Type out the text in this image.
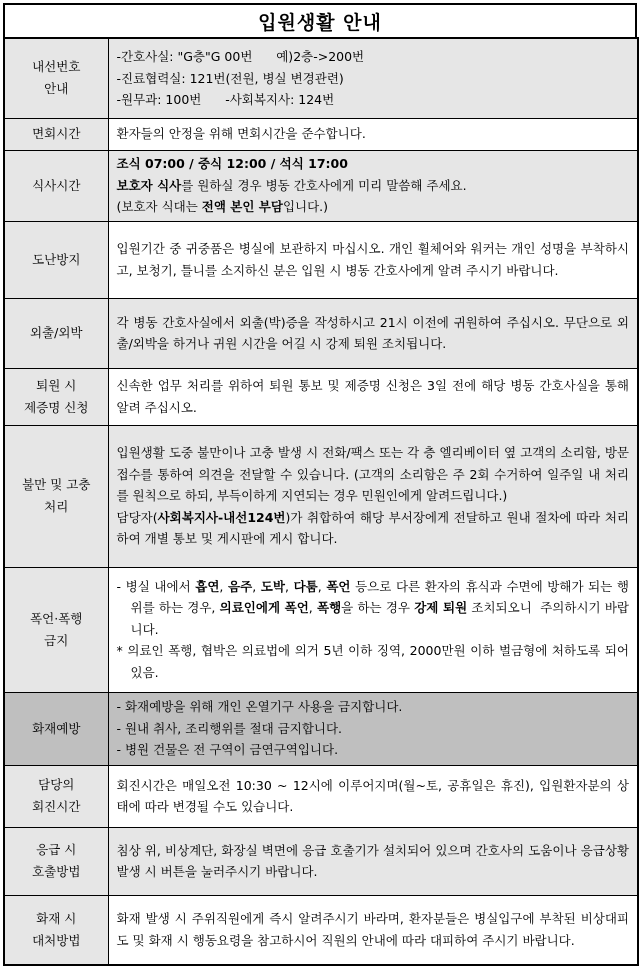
입원생활 안내
내선번호
안내	-간호사실: "G층"G 00번      예)2층->200번
-진료협력실: 121번(전원, 병실 변경관련)
-원무과: 100번      -사회복지사: 124번

면회시간	환자들의 안정을 위해 면회시간을 준수합니다.

식사시간	조식 07:00 / 중식 12:00 / 석식 17:00
보호자 식사를 원하실 경우 병동 간호사에게 미리 말씀해 주세요.
(보호자 식대는 전액 본인 부담입니다.)

도난방지	입원기간 중 귀중품은 병실에 보관하지 마십시오. 개인 휠체어와 워커는 개인 성명을 부착하시고, 보청기, 틀니를 소지하신 분은 입원 시 병동 간호사에게 알려 주시기 바랍니다.

외출/외박	각 병동 간호사실에서 외출(박)증을 작성하시고 21시 이전에 귀원하여 주십시오. 무단으로 외출/외박을 하거나 귀원 시간을 어길 시 강제 퇴원 조치됩니다.

퇴원 시
제증명 신청	신속한 업무 처리를 위하여 퇴원 통보 및 제증명 신청은 3일 전에 해당 병동 간호사실을 통해 알려 주십시오.

불만 및 고충
처리	입원생활 도중 불만이나 고충 발생 시 전화/팩스 또는 각 층 엘리베이터 옆 고객의 소리함, 방문 접수를 통하여 의견을 전달할 수 있습니다. (고객의 소리함은 주 2회 수거하여 일주일 내 처리를 원칙으로 하되, 부득이하게 지연되는 경우 민원인에게 알려드립니다.)
담당자(사회복지사-내선124번)가 취합하여 해당 부서장에게 전달하고 원내 절차에 따라 처리하여 개별 통보 및 게시판에 게시 합니다.

폭언·폭행
금지	- 병실 내에서 흡연, 음주, 도박, 다툼, 폭언 등으로 다른 환자의 휴식과 수면에 방해가 되는 행위를 하는 경우, 의료인에게 폭언, 폭행을 하는 경우 강제 퇴원 조치되오니  주의하시기 바랍니다.
* 의료인 폭행, 협박은 의료법에 의거 5년 이하 징역, 2000만원 이하 벌금형에 처하도록 되어있음.

화재예방	- 화재예방을 위해 개인 온열기구 사용을 금지합니다.
- 원내 취사, 조리행위를 절대 금지합니다.
- 병원 건물은 전 구역이 금연구역입니다.

담당의
회진시간	회진시간은 매일오전 10:30 ~ 12시에 이루어지며(월~토, 공휴일은 휴진), 입원환자분의 상태에 따라 변경될 수도 있습니다.

응급 시
호출방법	침상 위, 비상계단, 화장실 벽면에 응급 호출기가 설치되어 있으며 간호사의 도움이나 응급상황 발생 시 버튼을 눌러주시기 바랍니다.

화재 시
대처방법	화재 발생 시 주위직원에게 즉시 알려주시기 바라며, 환자분들은 병실입구에 부착된 비상대피도 및 화재 시 행동요령을 참고하시어 직원의 안내에 따라 대피하여 주시기 바랍니다.
